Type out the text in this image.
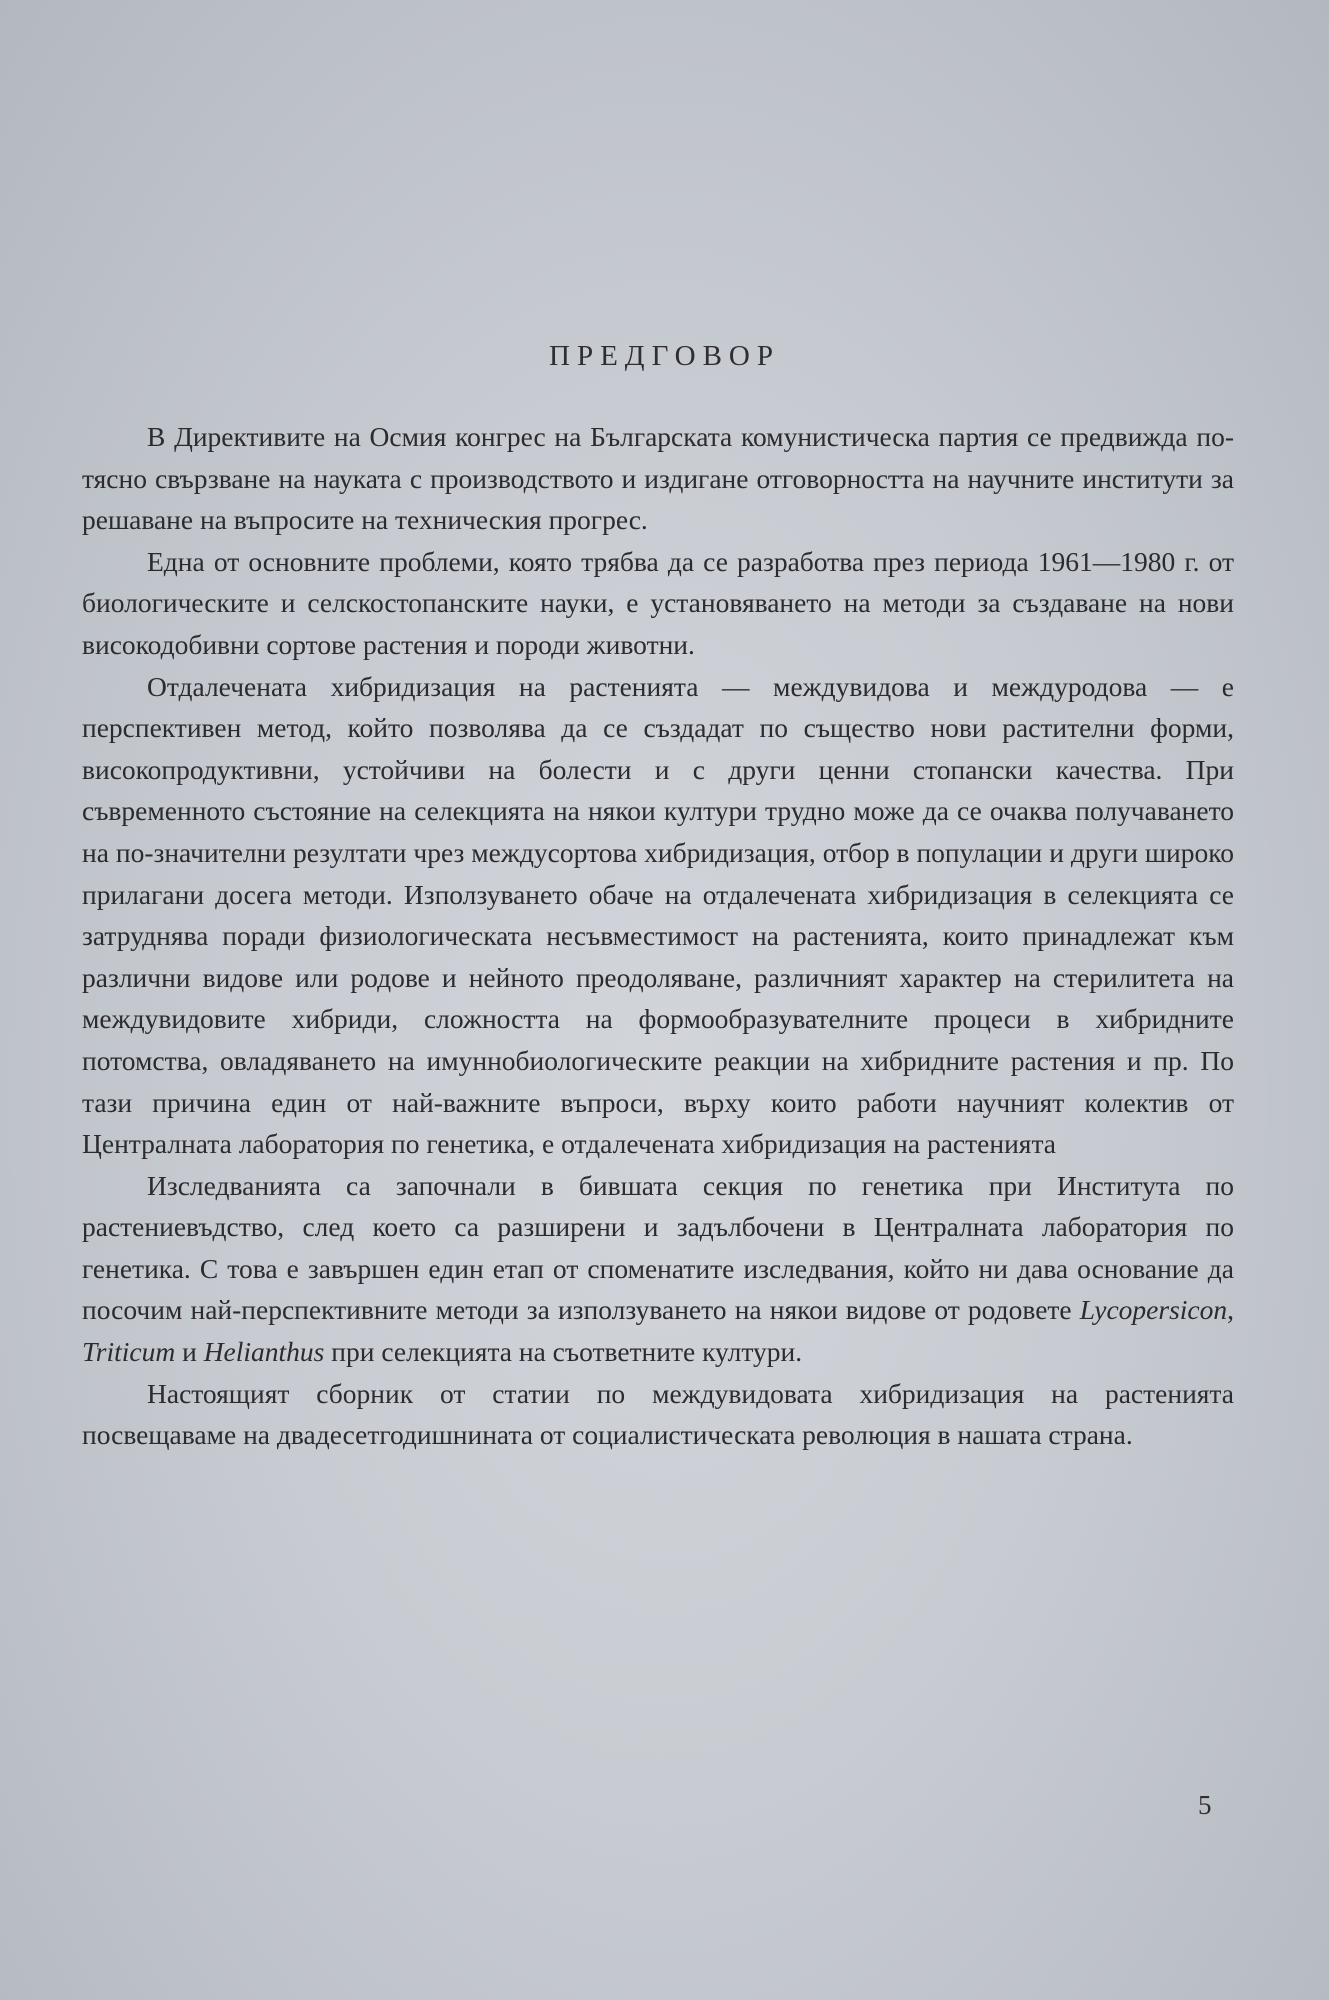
ПРЕДГОВОР

В Директивите на Осмия конгрес на Българската комунистическа партия се предвижда по-тясно свързване на науката с производството и издигане отговорността на научните институти за решаване на въпросите на техническия прогрес.

Една от основните проблеми, която трябва да се разработва през периода 1961—1980 г. от биологическите и селскостопанските науки, е установяването на методи за създаване на нови високодобивни сортове растения и породи животни.

Отдалечената хибридизация на растенията — междувидова и междуродова — е перспективен метод, който позволява да се създадат по същество нови растителни форми, високопродуктивни, устойчиви на болести и с други ценни стопански качества. При съвременното състояние на селекцията на някои култури трудно може да се очаква получаването на по-значителни резултати чрез междусортова хибридизация, отбор в популации и други широко прилагани досега методи. Използуването обаче на отдалечената хибридизация в селекцията се затруднява поради физиологическата несъвместимост на растенията, които принадлежат към различни видове или родове и нейното преодоляване, различният характер на стерилитета на междувидовите хибриди, сложността на формообразувателните процеси в хибридните потомства, овладяването на имуннобиологическите реакции на хибридните растения и пр. По тази причина един от най-важните въпроси, върху които работи научният колектив от Централната лаборатория по генетика, е отдалечената хибридизация на растенията

Изследванията са започнали в бившата секция по генетика при Института по растениевъдство, след което са разширени и задълбочени в Централната лаборатория по генетика. С това е завършен един етап от споменатите изследвания, който ни дава основание да посочим най-перспективните методи за използуването на някои видове от родовете Lycopersicon, Triticum и Helianthus при селекцията на съответните култури.

Настоящият сборник от статии по междувидовата хибридизация на растенията посвещаваме на двадесетгодишнината от социалистическата революция в нашата страна.

5
